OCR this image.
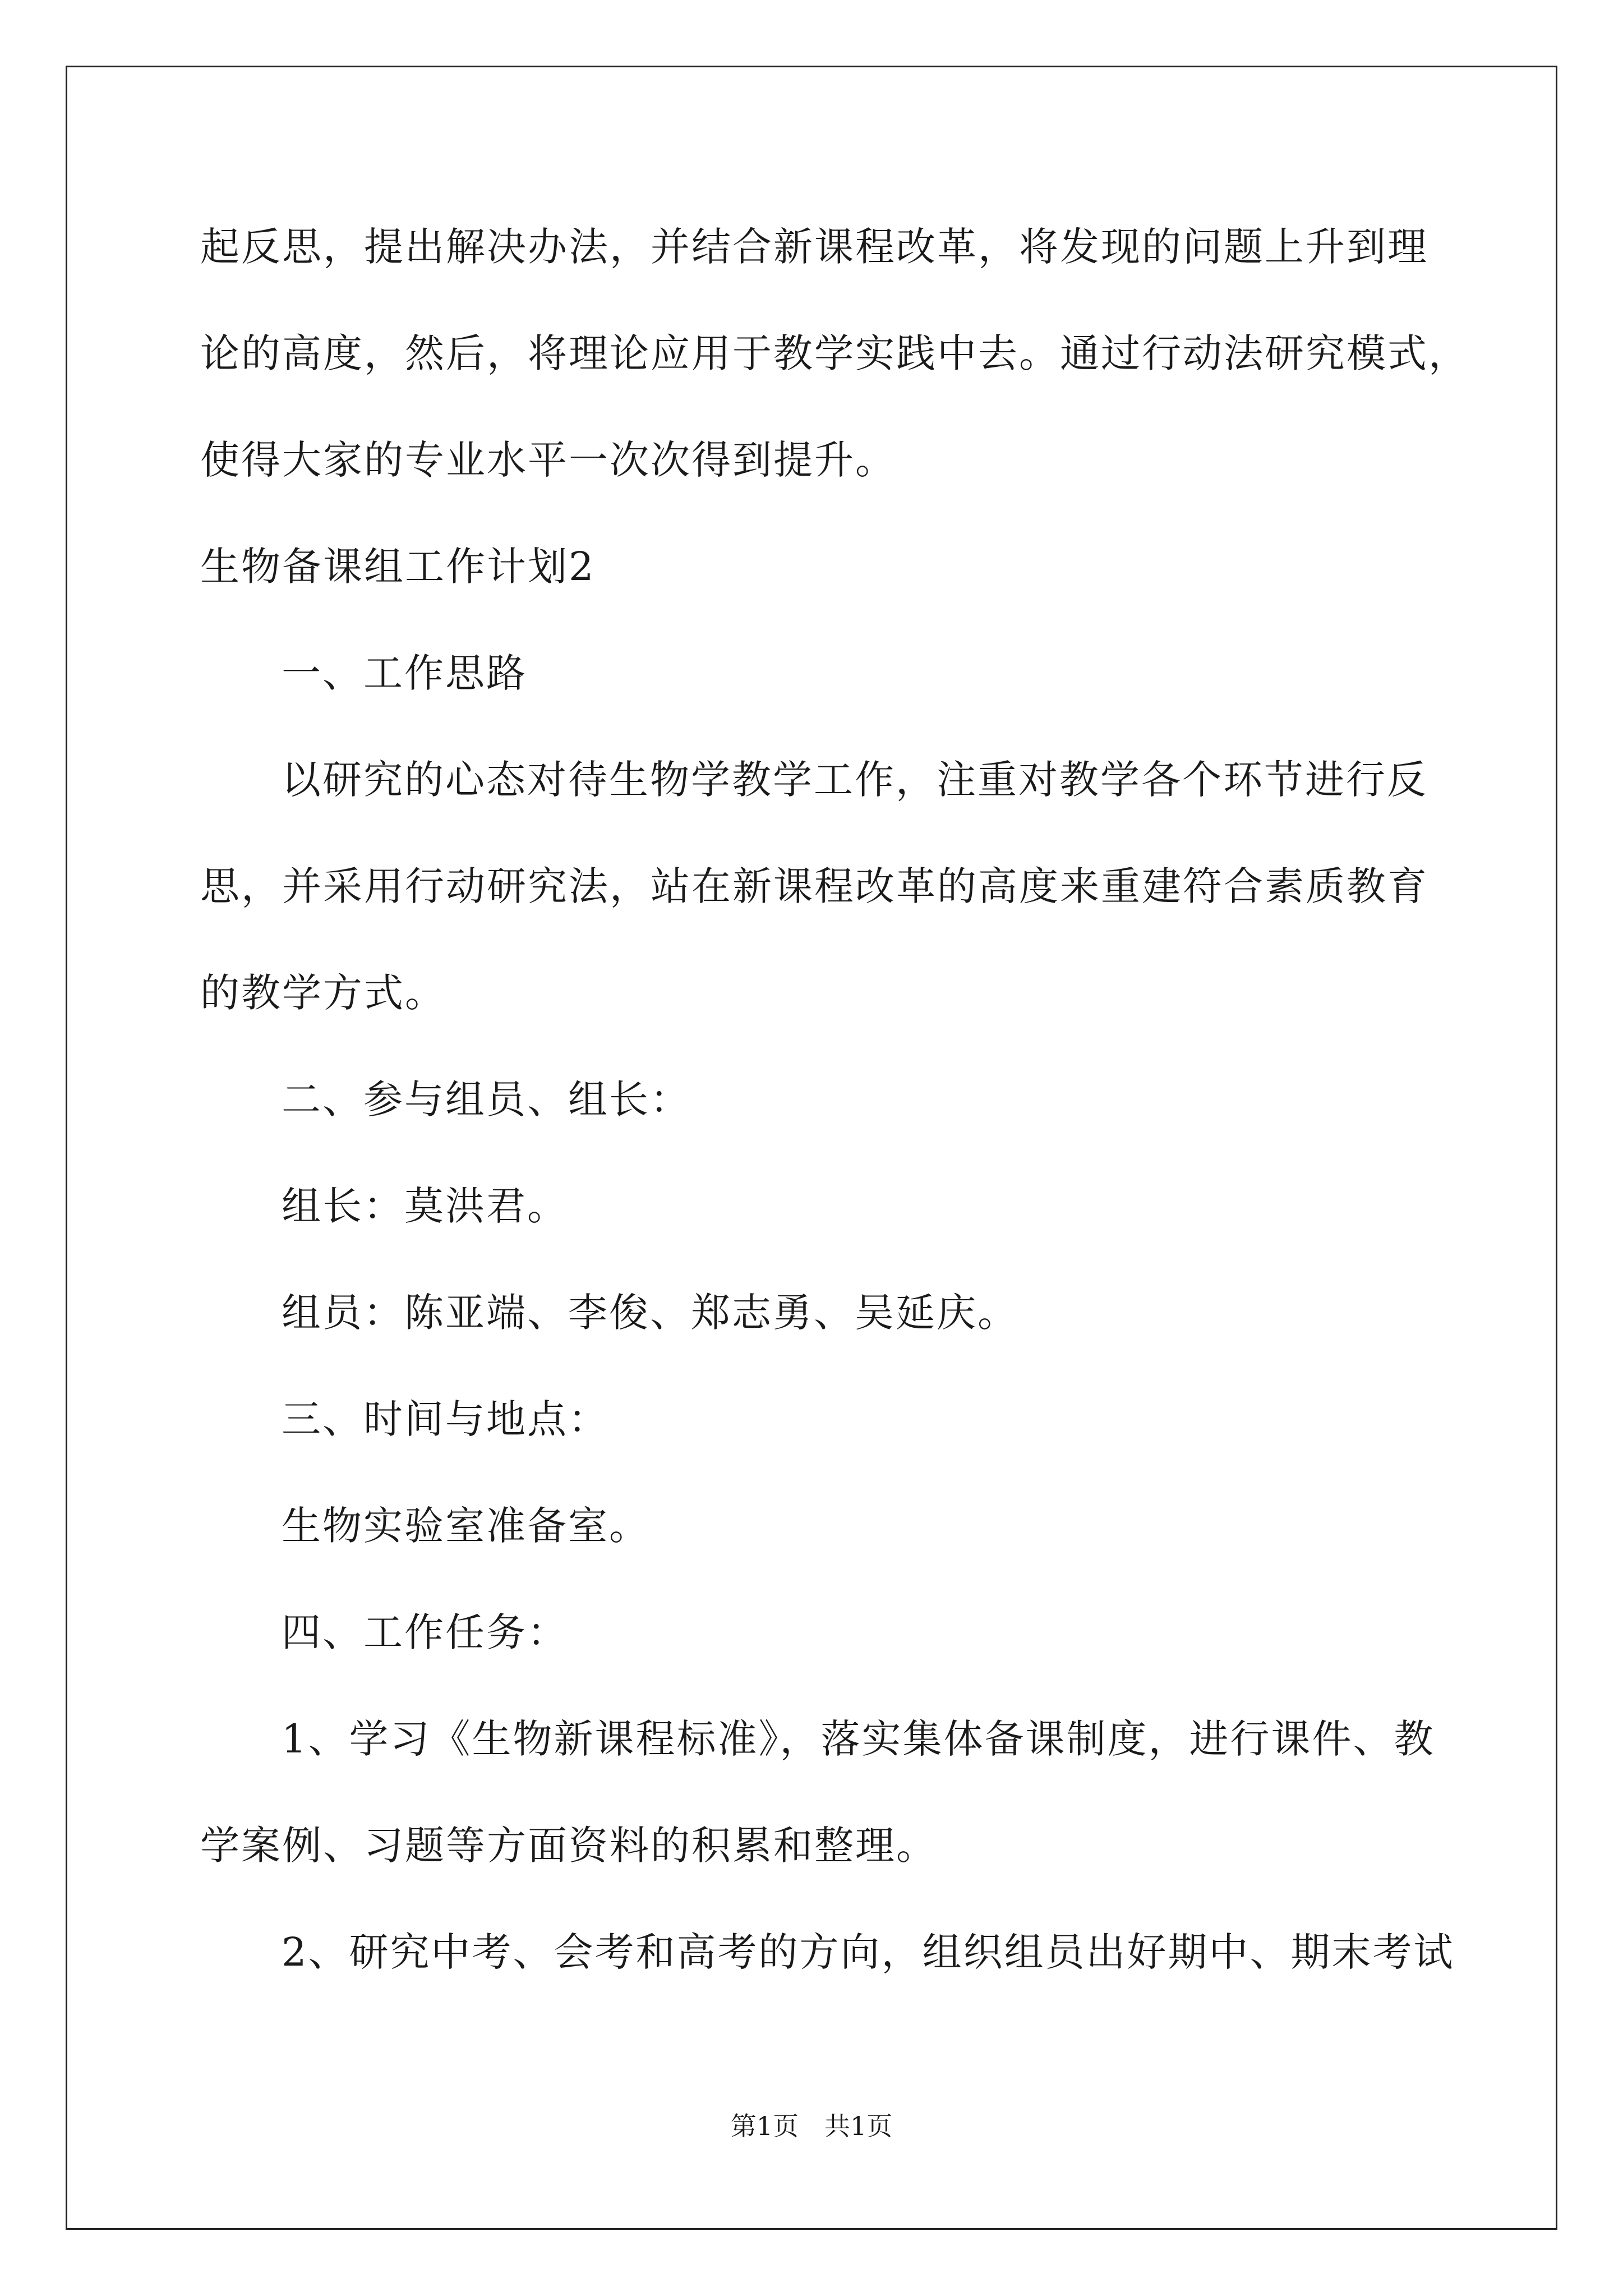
起反思，提出解决办法，并结合新课程改革，将发现的问题上升到理
论的高度，然后，将理论应用于教学实践中去。通过行动法研究模式，
使得大家的专业水平一次次得到提升。
生物备课组工作计划2
一、工作思路
以研究的心态对待生物学教学工作，注重对教学各个环节进行反
思，并采用行动研究法，站在新课程改革的高度来重建符合素质教育
的教学方式。
二、参与组员、组长：
组长：莫洪君。
组员：陈亚端、李俊、郑志勇、吴延庆。
三、时间与地点：
生物实验室准备室。
四、工作任务：
1、学习《生物新课程标准》，落实集体备课制度，进行课件、教
学案例、习题等方面资料的积累和整理。
2、研究中考、会考和高考的方向，组织组员出好期中、期末考试
第1页　共1页
